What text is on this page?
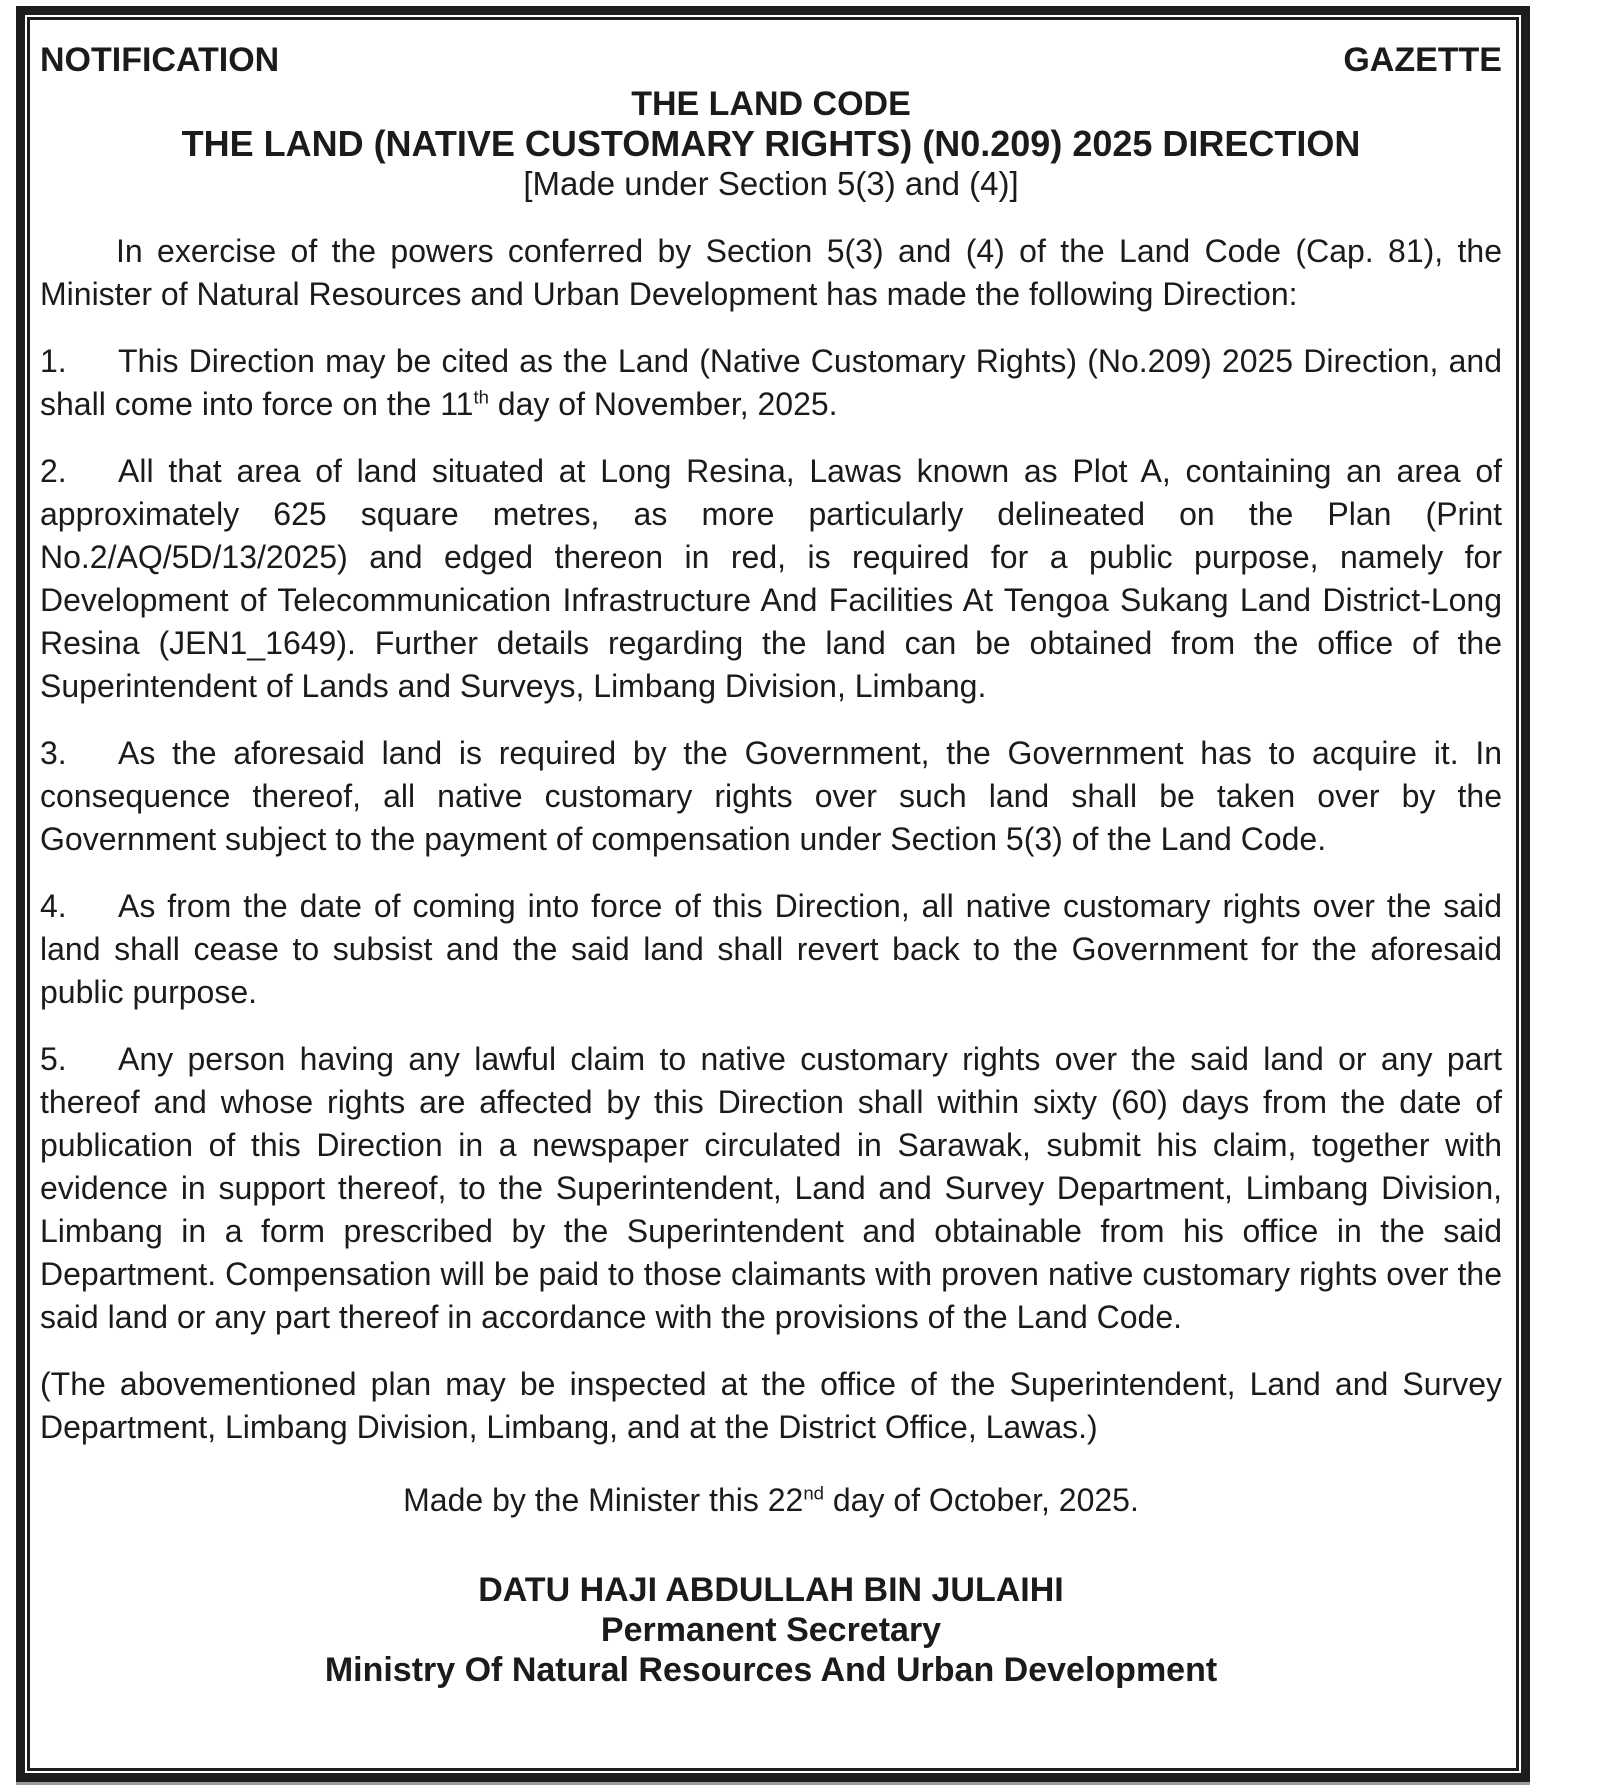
NOTIFICATION	GAZETTE
THE LAND CODE
THE LAND (NATIVE CUSTOMARY RIGHTS) (N0.209) 2025 DIRECTION
[Made under Section 5(3) and (4)]

In exercise of the powers conferred by Section 5(3) and (4) of the Land Code (Cap. 81), the Minister of Natural Resources and Urban Development has made the following Direction:

1. This Direction may be cited as the Land (Native Customary Rights) (No.209) 2025 Direction, and shall come into force on the 11th day of November, 2025.

2. All that area of land situated at Long Resina, Lawas known as Plot A, containing an area of approximately 625 square metres, as more particularly delineated on the Plan (Print No.2/AQ/5D/13/2025) and edged thereon in red, is required for a public purpose, namely for Development of Telecommunication Infrastructure And Facilities At Tengoa Sukang Land District-Long Resina (JEN1_1649). Further details regarding the land can be obtained from the office of the Superintendent of Lands and Surveys, Limbang Division, Limbang.

3. As the aforesaid land is required by the Government, the Government has to acquire it. In consequence thereof, all native customary rights over such land shall be taken over by the Government subject to the payment of compensation under Section 5(3) of the Land Code.

4. As from the date of coming into force of this Direction, all native customary rights over the said land shall cease to subsist and the said land shall revert back to the Government for the aforesaid public purpose.

5. Any person having any lawful claim to native customary rights over the said land or any part thereof and whose rights are affected by this Direction shall within sixty (60) days from the date of publication of this Direction in a newspaper circulated in Sarawak, submit his claim, together with evidence in support thereof, to the Superintendent, Land and Survey Department, Limbang Division, Limbang in a form prescribed by the Superintendent and obtainable from his office in the said Department. Compensation will be paid to those claimants with proven native customary rights over the said land or any part thereof in accordance with the provisions of the Land Code.

(The abovementioned plan may be inspected at the office of the Superintendent, Land and Survey Department, Limbang Division, Limbang, and at the District Office, Lawas.)

Made by the Minister this 22nd day of October, 2025.

DATU HAJI ABDULLAH BIN JULAIHI
Permanent Secretary
Ministry Of Natural Resources And Urban Development
